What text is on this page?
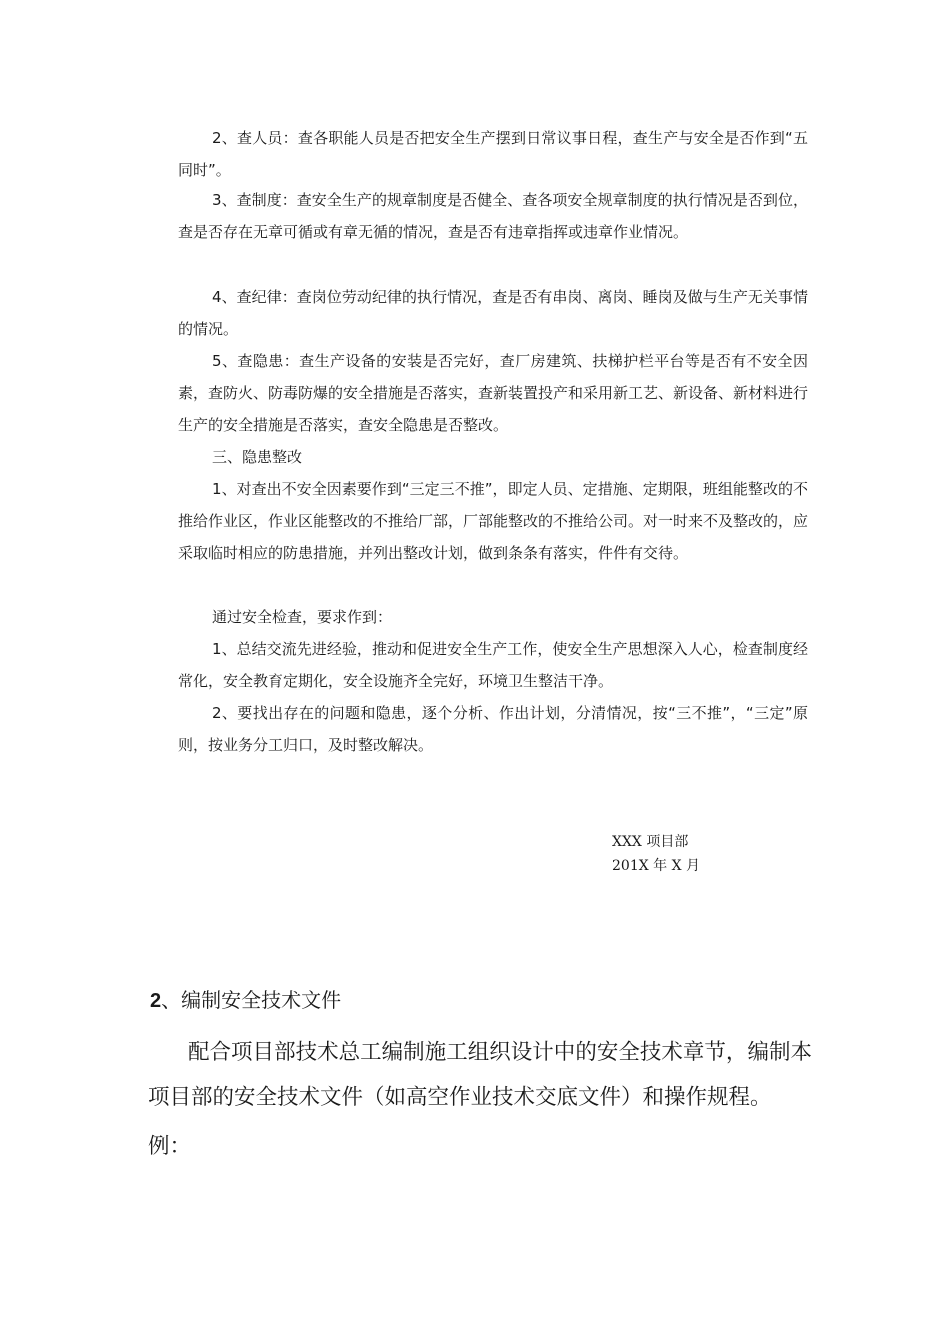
2、查人员：查各职能人员是否把安全生产摆到日常议事日程，查生产与安全是否作到“五同时”。

3、查制度：查安全生产的规章制度是否健全、查各项安全规章制度的执行情况是否到位，查是否存在无章可循或有章无循的情况，查是否有违章指挥或违章作业情况。

4、查纪律：查岗位劳动纪律的执行情况，查是否有串岗、离岗、睡岗及做与生产无关事情的情况。

5、查隐患：查生产设备的安装是否完好，查厂房建筑、扶梯护栏平台等是否有不安全因素，查防火、防毒防爆的安全措施是否落实，查新装置投产和采用新工艺、新设备、新材料进行生产的安全措施是否落实，查安全隐患是否整改。

三、隐患整改

1、对查出不安全因素要作到“三定三不推”，即定人员、定措施、定期限，班组能整改的不推给作业区，作业区能整改的不推给厂部，厂部能整改的不推给公司。对一时来不及整改的，应采取临时相应的防患措施，并列出整改计划，做到条条有落实，件件有交待。

通过安全检查，要求作到：

1、总结交流先进经验，推动和促进安全生产工作，使安全生产思想深入人心，检查制度经常化，安全教育定期化，安全设施齐全完好，环境卫生整洁干净。

2、要找出存在的问题和隐患，逐个分析、作出计划，分清情况，按“三不推”，“三定”原则，按业务分工归口，及时整改解决。

XXX 项目部

201X 年 X 月

2、编制安全技术文件

配合项目部技术总工编制施工组织设计中的安全技术章节，编制本项目部的安全技术文件（如高空作业技术交底文件）和操作规程。

例：
